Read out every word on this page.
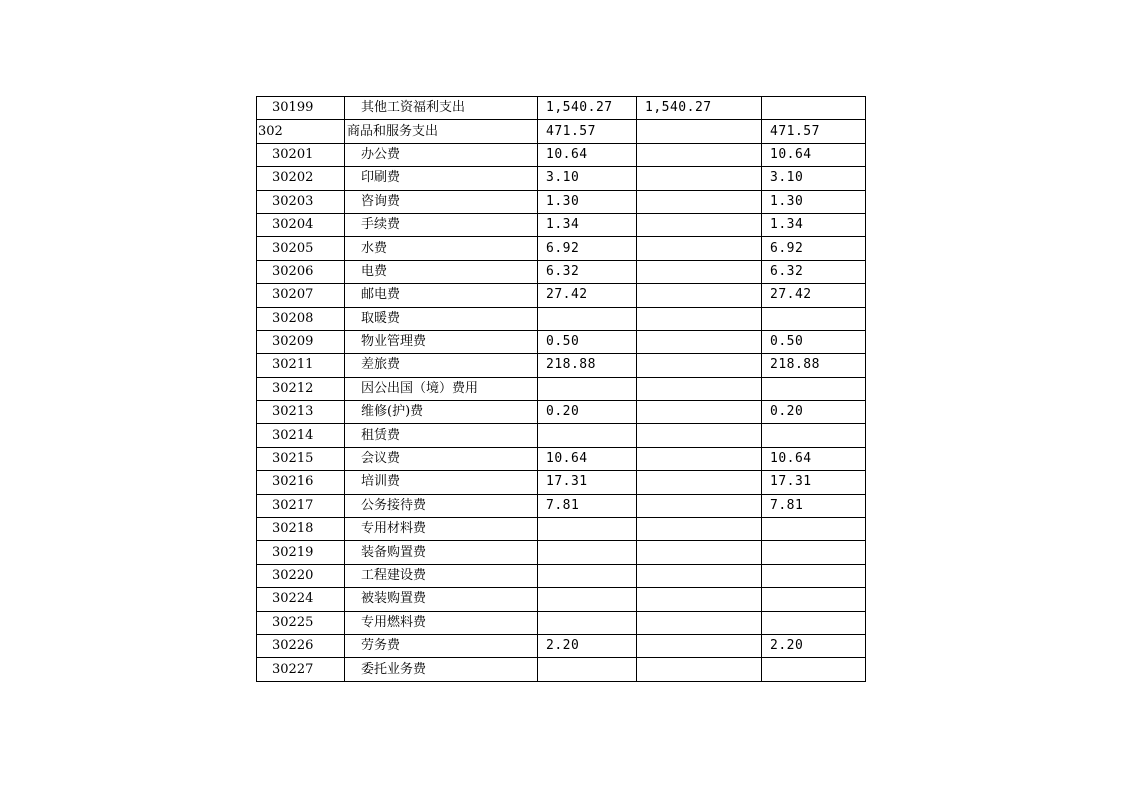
30199	其他工资福利支出	1,540.27	1,540.27	
302	商品和服务支出	471.57		471.57
30201	办公费	10.64		10.64
30202	印刷费	3.10		3.10
30203	咨询费	1.30		1.30
30204	手续费	1.34		1.34
30205	水费	6.92		6.92
30206	电费	6.32		6.32
30207	邮电费	27.42		27.42
30208	取暖费			
30209	物业管理费	0.50		0.50
30211	差旅费	218.88		218.88
30212	因公出国（境）费用			
30213	维修(护)费	0.20		0.20
30214	租赁费			
30215	会议费	10.64		10.64
30216	培训费	17.31		17.31
30217	公务接待费	7.81		7.81
30218	专用材料费			
30219	装备购置费			
30220	工程建设费			
30224	被装购置费			
30225	专用燃料费			
30226	劳务费	2.20		2.20
30227	委托业务费			
